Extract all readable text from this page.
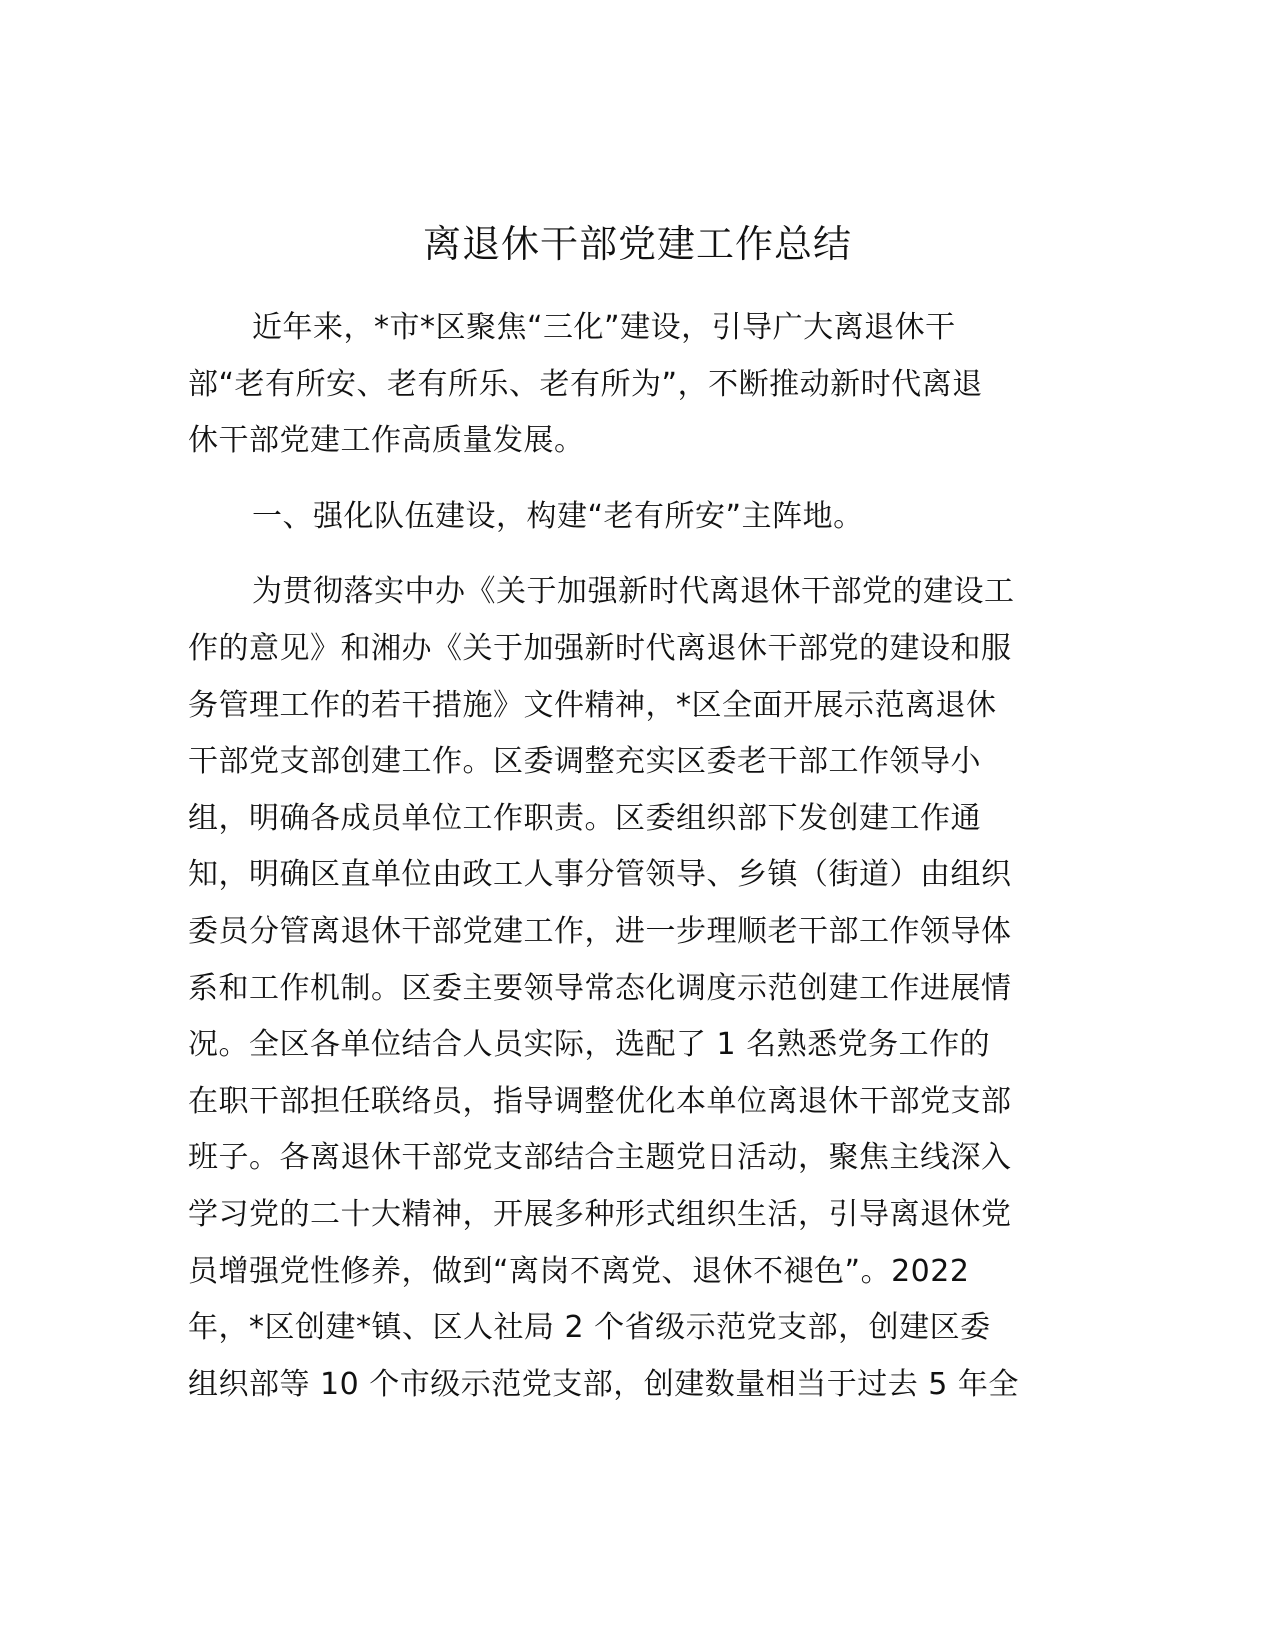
离退休干部党建工作总结
近年来，*市*区聚焦“三化”建设，引导广大离退休干
部“老有所安、老有所乐、老有所为”，不断推动新时代离退
休干部党建工作高质量发展。
一、强化队伍建设，构建“老有所安”主阵地。
为贯彻落实中办《关于加强新时代离退休干部党的建设工
作的意见》和湘办《关于加强新时代离退休干部党的建设和服
务管理工作的若干措施》文件精神，*区全面开展示范离退休
干部党支部创建工作。区委调整充实区委老干部工作领导小
组，明确各成员单位工作职责。区委组织部下发创建工作通
知，明确区直单位由政工人事分管领导、乡镇（街道）由组织
委员分管离退休干部党建工作，进一步理顺老干部工作领导体
系和工作机制。区委主要领导常态化调度示范创建工作进展情
况。全区各单位结合人员实际，选配了 1 名熟悉党务工作的
在职干部担任联络员，指导调整优化本单位离退休干部党支部
班子。各离退休干部党支部结合主题党日活动，聚焦主线深入
学习党的二十大精神，开展多种形式组织生活，引导离退休党
员增强党性修养，做到“离岗不离党、退休不褪色”。2022
年，*区创建*镇、区人社局 2 个省级示范党支部，创建区委
组织部等 10 个市级示范党支部，创建数量相当于过去 5 年全
